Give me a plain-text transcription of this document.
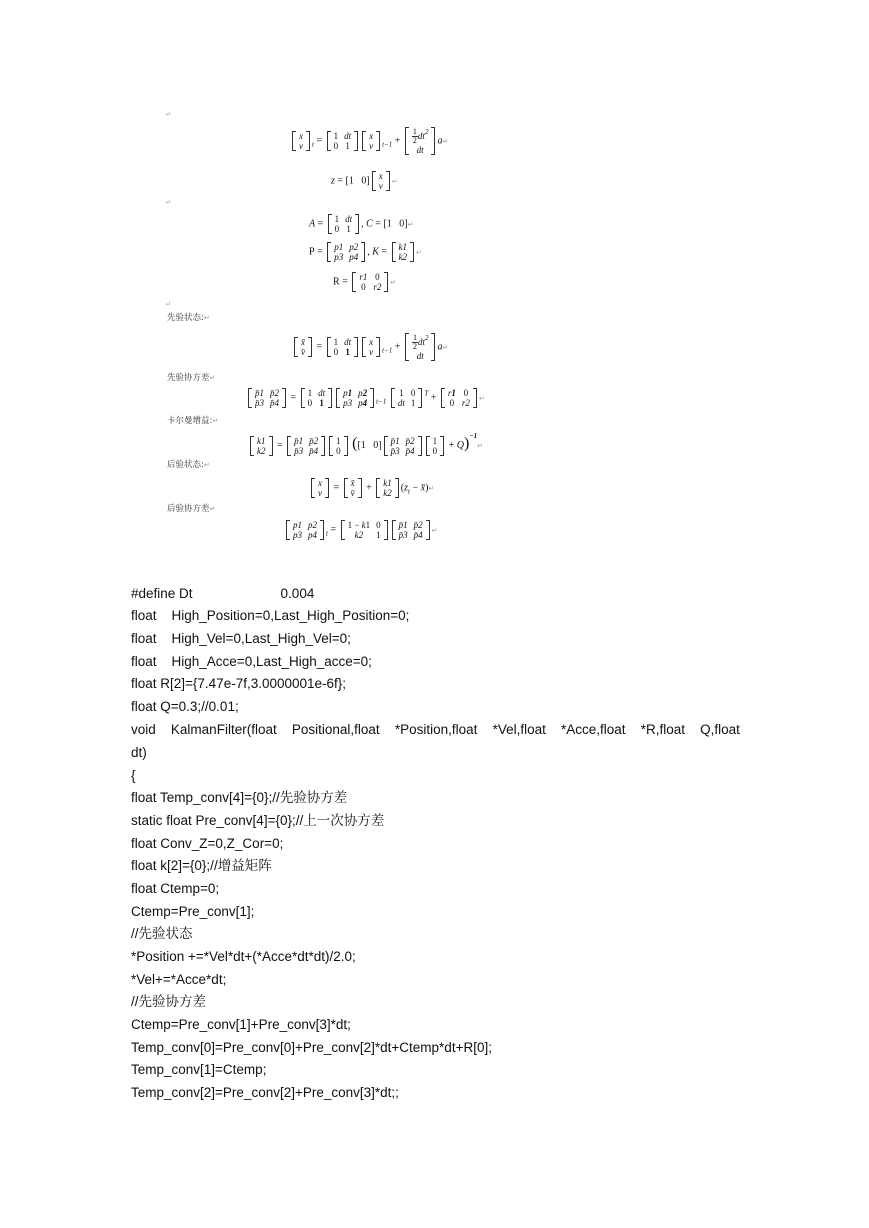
↵
↵
↵
x
v $_t$ = 1	dt
0	1
x
v $_{t-1} + \frac{1}{2} dt^2$
dt
a↵
z = [1   0] x
v ↵
A = 1	dt
0	1 , C = [1   0]↵
P = p1	p2
p3	p4 , K = k1
k2 ↵
R = r1	0
0	r2 ↵
先验状态:↵
x̄
v̄ = 1	dt
0	1
x
v $_{t-1} + \frac{1}{2} dt^2$
dt
a↵
先验协方差↵
p̄1	p̄2
p̄3	p̄4 = 1	dt
0	1
p1	p2
p3	p4 $_{t-1}$
1	0
dt	1
$^T$ + r1	0
0	r2 ↵
卡尔曼增益:↵
k1
k2 = p̄1	p̄2
p̄3	p̄4
1
0 ([1   0] p̄1	p̄2
p̄3	p̄4
1
0 + Q)$^{-1}$↵
后验状态:↵
x
v = x̄
v̄ + k1
k2 ($z_t$ − x̄)↵
后验协方差↵
p1	p2
p3	p4 $_t$ = 1 − k1	0
k2	1
p̄1	p̄2
p̄3	p̄4 ↵
#define Dt	0.004
float    High_Position=0,Last_High_Position=0;
float    High_Vel=0,Last_High_Vel=0;
float    High_Acce=0,Last_High_acce=0;
float R[2]={7.47e-7f,3.0000001e-6f};
float Q=0.3;//0.01;
void KalmanFilter(float Positional,float *Position,float *Vel,float *Acce,float *R,float Q,float
dt)
{
float Temp_conv[4]={0};//先验协方差
static float Pre_conv[4]={0};//上一次协方差
float Conv_Z=0,Z_Cor=0;
float k[2]={0};//增益矩阵
float Ctemp=0;
Ctemp=Pre_conv[1];
//先验状态
*Position +=*Vel*dt+(*Acce*dt*dt)/2.0;
*Vel+=*Acce*dt;
//先验协方差
Ctemp=Pre_conv[1]+Pre_conv[3]*dt;
Temp_conv[0]=Pre_conv[0]+Pre_conv[2]*dt+Ctemp*dt+R[0];
Temp_conv[1]=Ctemp;
Temp_conv[2]=Pre_conv[2]+Pre_conv[3]*dt;;
